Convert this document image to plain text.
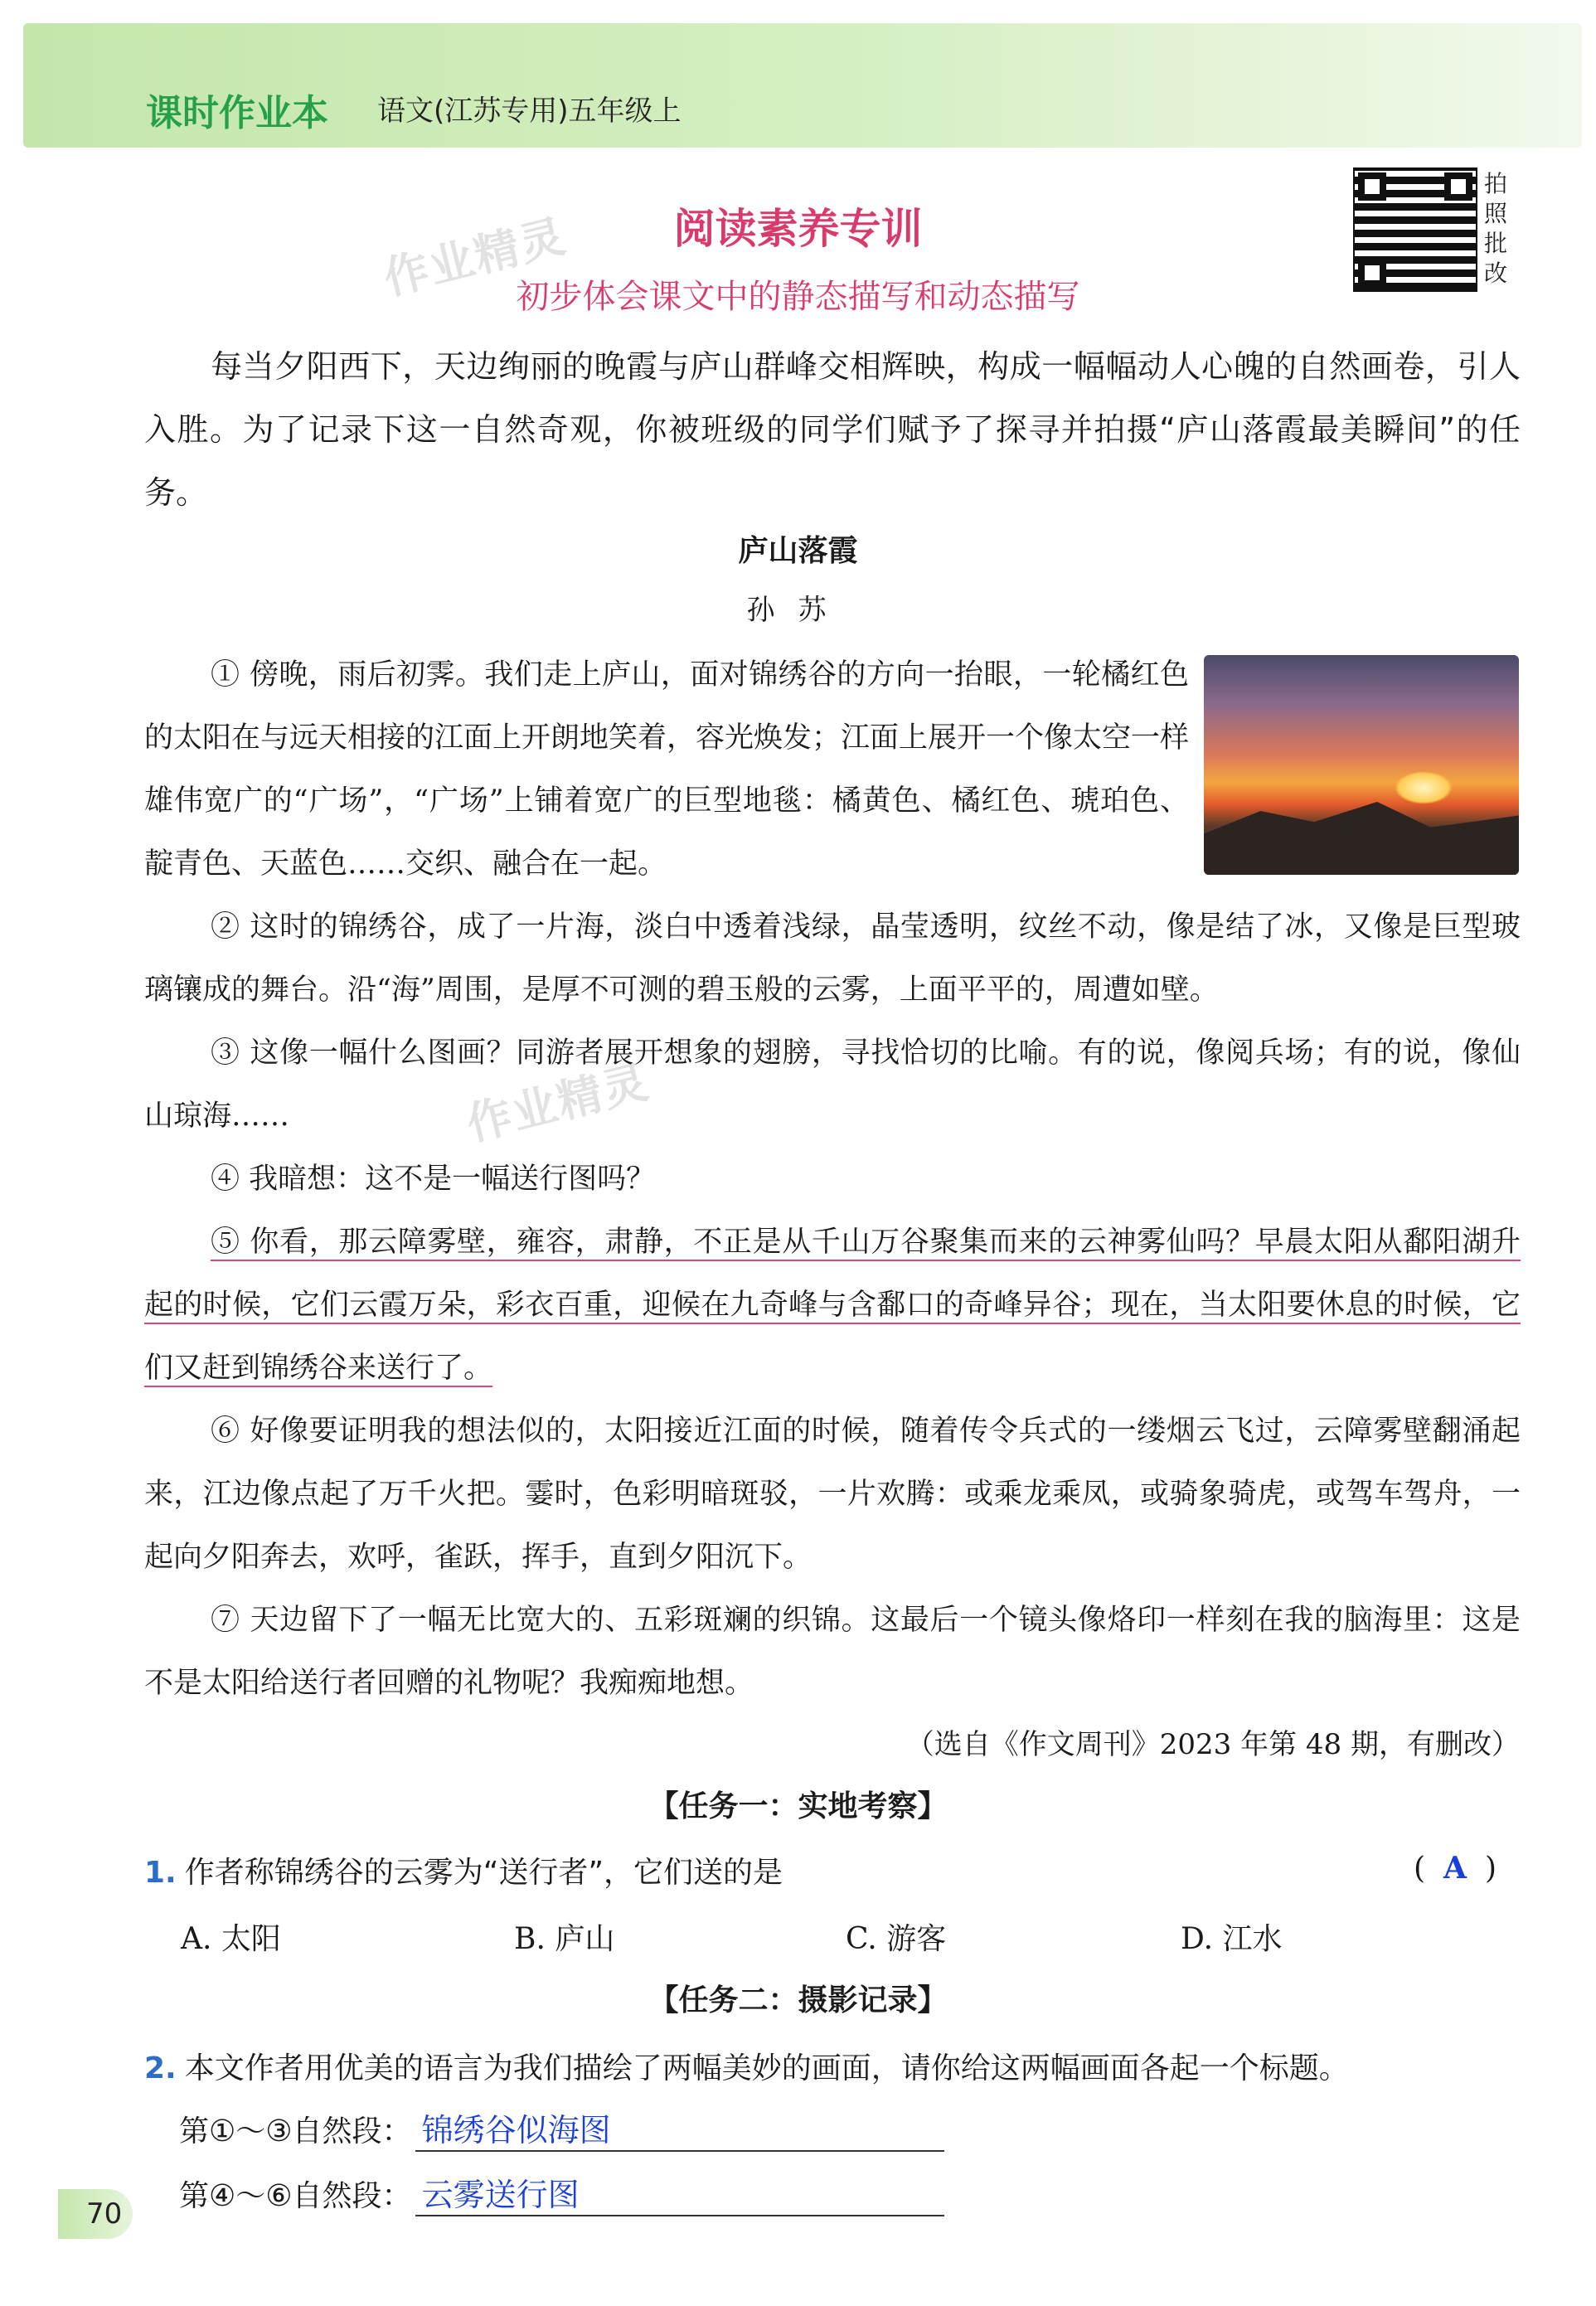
课时作业本 语文(江苏专用)五年级上
拍照批改
作业精灵
作业精灵
阅读素养专训
初步体会课文中的静态描写和动态描写

每当夕阳西下，天边绚丽的晚霞与庐山群峰交相辉映，构成一幅幅动人心魄的自然画卷，引人入胜。为了记录下这一自然奇观，你被班级的同学们赋予了探寻并拍摄“庐山落霞最美瞬间”的任务。

庐山落霞
孙苏

① 傍晚，雨后初霁。我们走上庐山，面对锦绣谷的方向一抬眼，一轮橘红色的太阳在与远天相接的江面上开朗地笑着，容光焕发；江面上展开一个像太空一样雄伟宽广的“广场”，“广场”上铺着宽广的巨型地毯：橘黄色、橘红色、琥珀色、靛青色、天蓝色……交织、融合在一起。

② 这时的锦绣谷，成了一片海，淡白中透着浅绿，晶莹透明，纹丝不动，像是结了冰，又像是巨型玻璃镶成的舞台。沿“海”周围，是厚不可测的碧玉般的云雾，上面平平的，周遭如壁。

③ 这像一幅什么图画？同游者展开想象的翅膀，寻找恰切的比喻。有的说，像阅兵场；有的说，像仙山琼海……

④ 我暗想：这不是一幅送行图吗？

⑤ 你看，那云障雾壁，雍容，肃静，不正是从千山万谷聚集而来的云神雾仙吗？早晨太阳从鄱阳湖升起的时候，它们云霞万朵，彩衣百重，迎候在九奇峰与含鄱口的奇峰异谷；现在，当太阳要休息的时候，它们又赶到锦绣谷来送行了。

⑥ 好像要证明我的想法似的，太阳接近江面的时候，随着传令兵式的一缕烟云飞过，云障雾壁翻涌起来，江边像点起了万千火把。霎时，色彩明暗斑驳，一片欢腾：或乘龙乘凤，或骑象骑虎，或驾车驾舟，一起向夕阳奔去，欢呼，雀跃，挥手，直到夕阳沉下。

⑦ 天边留下了一幅无比宽大的、五彩斑斓的织锦。这最后一个镜头像烙印一样刻在我的脑海里：这是不是太阳给送行者回赠的礼物呢？我痴痴地想。

（选自《作文周刊》2023 年第 48 期，有删改）
【任务一：实地考察】
1. 作者称锦绣谷的云雾为“送行者”，它们送的是	( A )
A. 太阳	B. 庐山	C. 游客	D. 江水
【任务二：摄影记录】
2. 本文作者用优美的语言为我们描绘了两幅美妙的画面，请你给这两幅画面各起一个标题。
第①～③自然段： 锦绣谷似海图
第④～⑥自然段： 云雾送行图
70
